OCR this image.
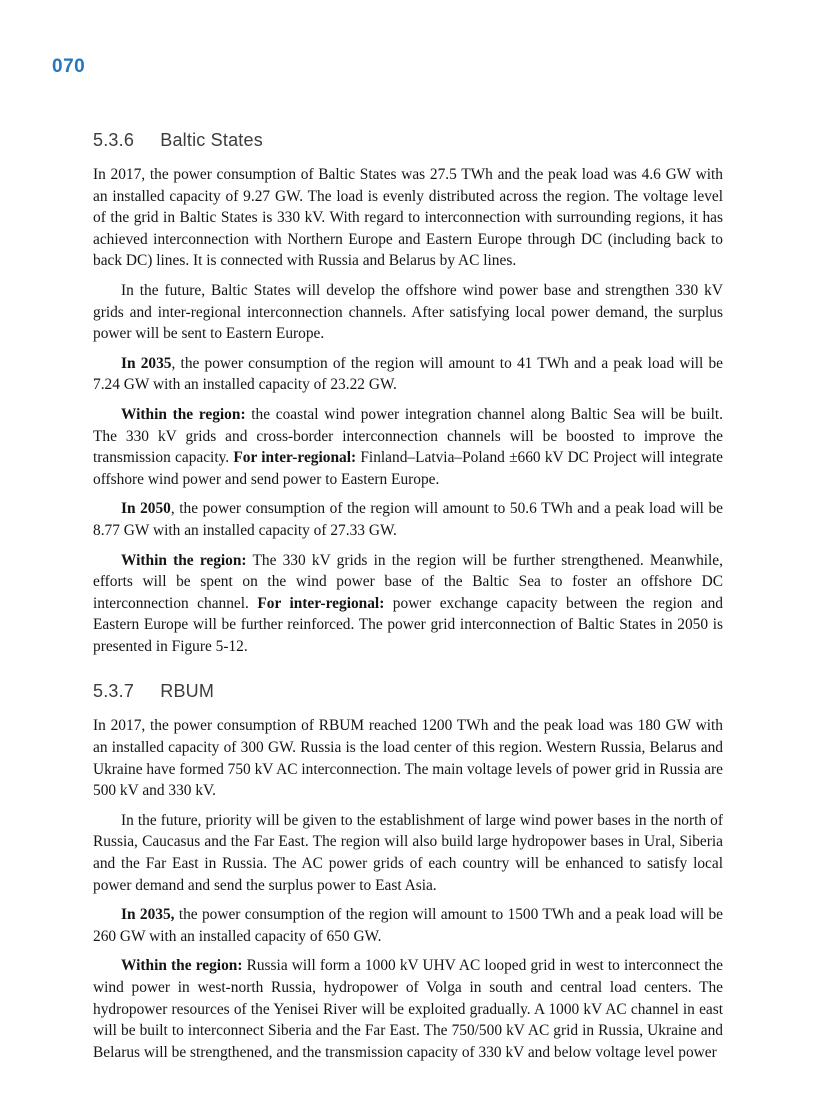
070
5.3.6 Baltic States

In 2017, the power consumption of Baltic States was 27.5 TWh and the peak load was 4.6 GW with an installed capacity of 9.27 GW. The load is evenly distributed across the region. The voltage level of the grid in Baltic States is 330 kV. With regard to interconnection with surrounding regions, it has achieved interconnection with Northern Europe and Eastern Europe through DC (including back to back DC) lines. It is connected with Russia and Belarus by AC lines.

In the future, Baltic States will develop the offshore wind power base and strengthen 330 kV grids and inter-regional interconnection channels. After satisfying local power demand, the surplus power will be sent to Eastern Europe.

In 2035, the power consumption of the region will amount to 41 TWh and a peak load will be 7.24 GW with an installed capacity of 23.22 GW.

Within the region: the coastal wind power integration channel along Baltic Sea will be built. The 330 kV grids and cross-border interconnection channels will be boosted to improve the transmission capacity. For inter-regional: Finland–Latvia–Poland ±660 kV DC Project will integrate offshore wind power and send power to Eastern Europe.

In 2050, the power consumption of the region will amount to 50.6 TWh and a peak load will be 8.77 GW with an installed capacity of 27.33 GW.

Within the region: The 330 kV grids in the region will be further strengthened. Meanwhile, efforts will be spent on the wind power base of the Baltic Sea to foster an offshore DC interconnection channel. For inter-regional: power exchange capacity between the region and Eastern Europe will be further reinforced. The power grid interconnection of Baltic States in 2050 is presented in Figure 5-12.

5.3.7 RBUM

In 2017, the power consumption of RBUM reached 1200 TWh and the peak load was 180 GW with an installed capacity of 300 GW. Russia is the load center of this region. Western Russia, Belarus and Ukraine have formed 750 kV AC interconnection. The main voltage levels of power grid in Russia are 500 kV and 330 kV.

In the future, priority will be given to the establishment of large wind power bases in the north of Russia, Caucasus and the Far East. The region will also build large hydropower bases in Ural, Siberia and the Far East in Russia. The AC power grids of each country will be enhanced to satisfy local power demand and send the surplus power to East Asia.

In 2035, the power consumption of the region will amount to 1500 TWh and a peak load will be 260 GW with an installed capacity of 650 GW.

Within the region: Russia will form a 1000 kV UHV AC looped grid in west to interconnect the wind power in west-north Russia, hydropower of Volga in south and central load centers. The hydropower resources of the Yenisei River will be exploited gradually. A 1000 kV AC channel in east will be built to interconnect Siberia and the Far East. The 750/500 kV AC grid in Russia, Ukraine and Belarus will be strengthened, and the transmission capacity of 330 kV and below voltage level power
